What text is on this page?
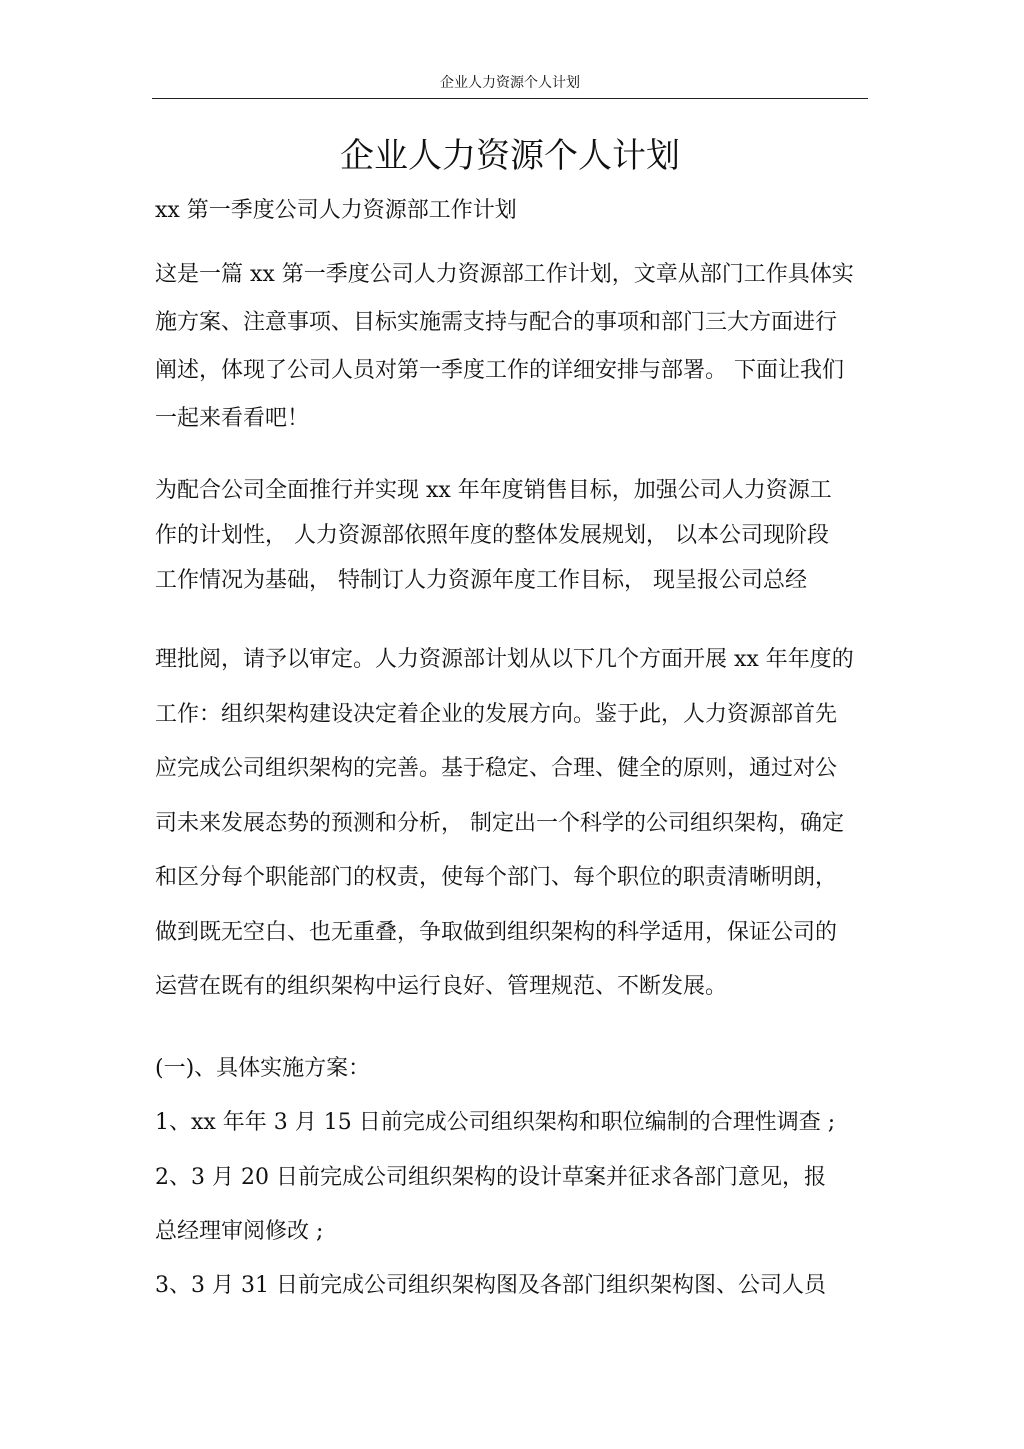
企业人力资源个人计划
企业人力资源个人计划

xx 第一季度公司人力资源部工作计划

这是一篇 xx 第一季度公司人力资源部工作计划，文章从部门工作具体实

施方案、注意事项、目标实施需支持与配合的事项和部门三大方面进行

阐述，体现了公司人员对第一季度工作的详细安排与部署。 下面让我们

一起来看看吧！

为配合公司全面推行并实现 xx 年年度销售目标，加强公司人力资源工

作的计划性， 人力资源部依照年度的整体发展规划， 以本公司现阶段

工作情况为基础， 特制订人力资源年度工作目标， 现呈报公司总经

理批阅，请予以审定。人力资源部计划从以下几个方面开展 xx 年年度的

工作：组织架构建设决定着企业的发展方向。鉴于此，人力资源部首先

应完成公司组织架构的完善。基于稳定、合理、健全的原则，通过对公

司未来发展态势的预测和分析， 制定出一个科学的公司组织架构，确定

和区分每个职能部门的权责，使每个部门、每个职位的职责清晰明朗，

做到既无空白、也无重叠，争取做到组织架构的科学适用，保证公司的

运营在既有的组织架构中运行良好、管理规范、不断发展。

(一)、具体实施方案：

1、xx 年年 3 月 15 日前完成公司组织架构和职位编制的合理性调查 ;

2、3 月 20 日前完成公司组织架构的设计草案并征求各部门意见，报

总经理审阅修改 ;

3、3 月 31 日前完成公司组织架构图及各部门组织架构图、公司人员
